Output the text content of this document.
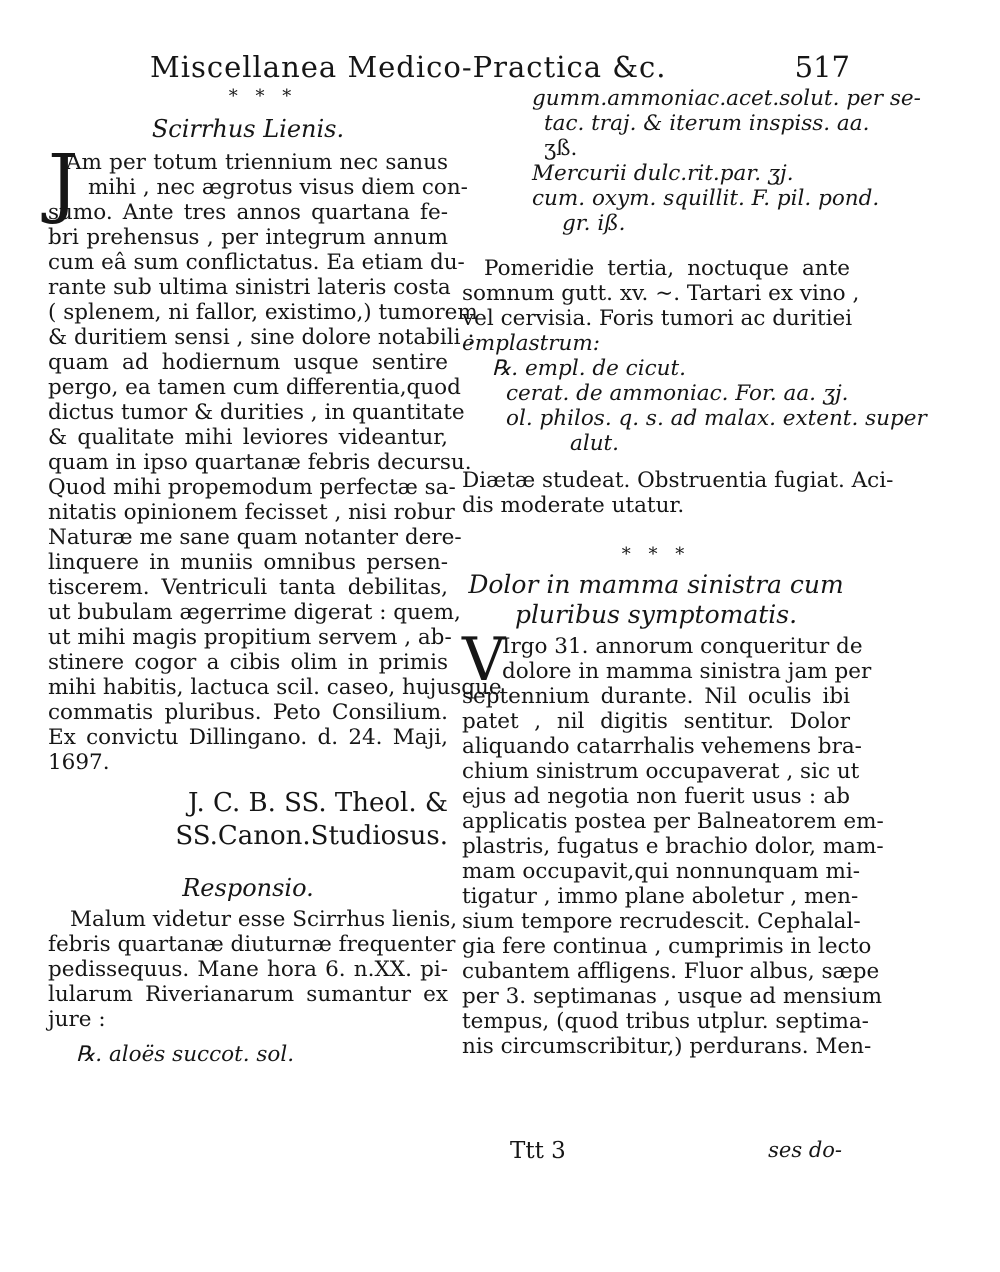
Miscellanea Medico-Practica &c.	517
* * *
Scirrhus Lienis.
J
Am per totum triennium nec sanus
mihi , nec ægrotus visus diem con-
sumo. Ante tres annos quartana fe-
bri prehensus , per integrum annum
cum eâ sum conflictatus. Ea etiam du-
rante sub ultima sinistri lateris costa
( splenem, ni fallor, existimo,) tumorem
& duritiem sensi , sine dolore notabili :
quam ad hodiernum usque sentire
pergo, ea tamen cum differentia,quod
dictus tumor & durities , in quantitate
& qualitate mihi leviores videantur,
quam in ipso quartanæ febris decursu.
Quod mihi propemodum perfectæ sa-
nitatis opinionem fecisset , nisi robur
Naturæ me sane quam notanter dere-
linquere in muniis omnibus persen-
tiscerem. Ventriculi tanta debilitas,
ut bubulam ægerrime digerat : quem,
ut mihi magis propitium servem , ab-
stinere cogor a cibis olim in primis
mihi habitis, lactuca scil. caseo, hujusque
commatis pluribus. Peto Consilium.
Ex convictu Dillingano. d. 24. Maji,
1697.
J. C. B. SS. Theol. &
SS.Canon.Studiosus.
Responsio.
Malum videtur esse Scirrhus lienis,
febris quartanæ diuturnæ frequenter
pedissequus. Mane hora 6. n.XX. pi-
lularum Riverianarum sumantur ex
jure :
℞. aloës succot. sol.
gumm.ammoniac.acet.solut. per se-
tac. traj. & iterum inspiss. aa.
ʒß.
Mercurii dulc.rit.par. ʒj.
cum. oxym. squillit. F. pil. pond.
gr. iß.
Pomeridie tertia, noctuque ante
somnum gutt. xv. ∼. Tartari ex vino ,
vel cervisia. Foris tumori ac duritiei
emplastrum:
℞. empl. de cicut.
cerat. de ammoniac. For. aa. ʒj.
ol. philos. q. s. ad malax. extent. super
alut.
Diætæ studeat. Obstruentia fugiat. Aci-
dis moderate utatur.
* * *
Dolor in mamma sinistra cum
pluribus symptomatis.
V
Irgo 31. annorum conqueritur de
dolore in mamma sinistra jam per
septennium durante. Nil oculis ibi
patet , nil digitis sentitur. Dolor
aliquando catarrhalis vehemens bra-
chium sinistrum occupaverat , sic ut
ejus ad negotia non fuerit usus : ab
applicatis postea per Balneatorem em-
plastris, fugatus e brachio dolor, mam-
mam occupavit,qui nonnunquam mi-
tigatur , immo plane aboletur , men-
sium tempore recrudescit. Cephalal-
gia fere continua , cumprimis in lecto
cubantem affligens. Fluor albus, sæpe
per 3. septimanas , usque ad mensium
tempus, (quod tribus utplur. septima-
nis circumscribitur,) perdurans. Men-
Ttt 3	ses do-
